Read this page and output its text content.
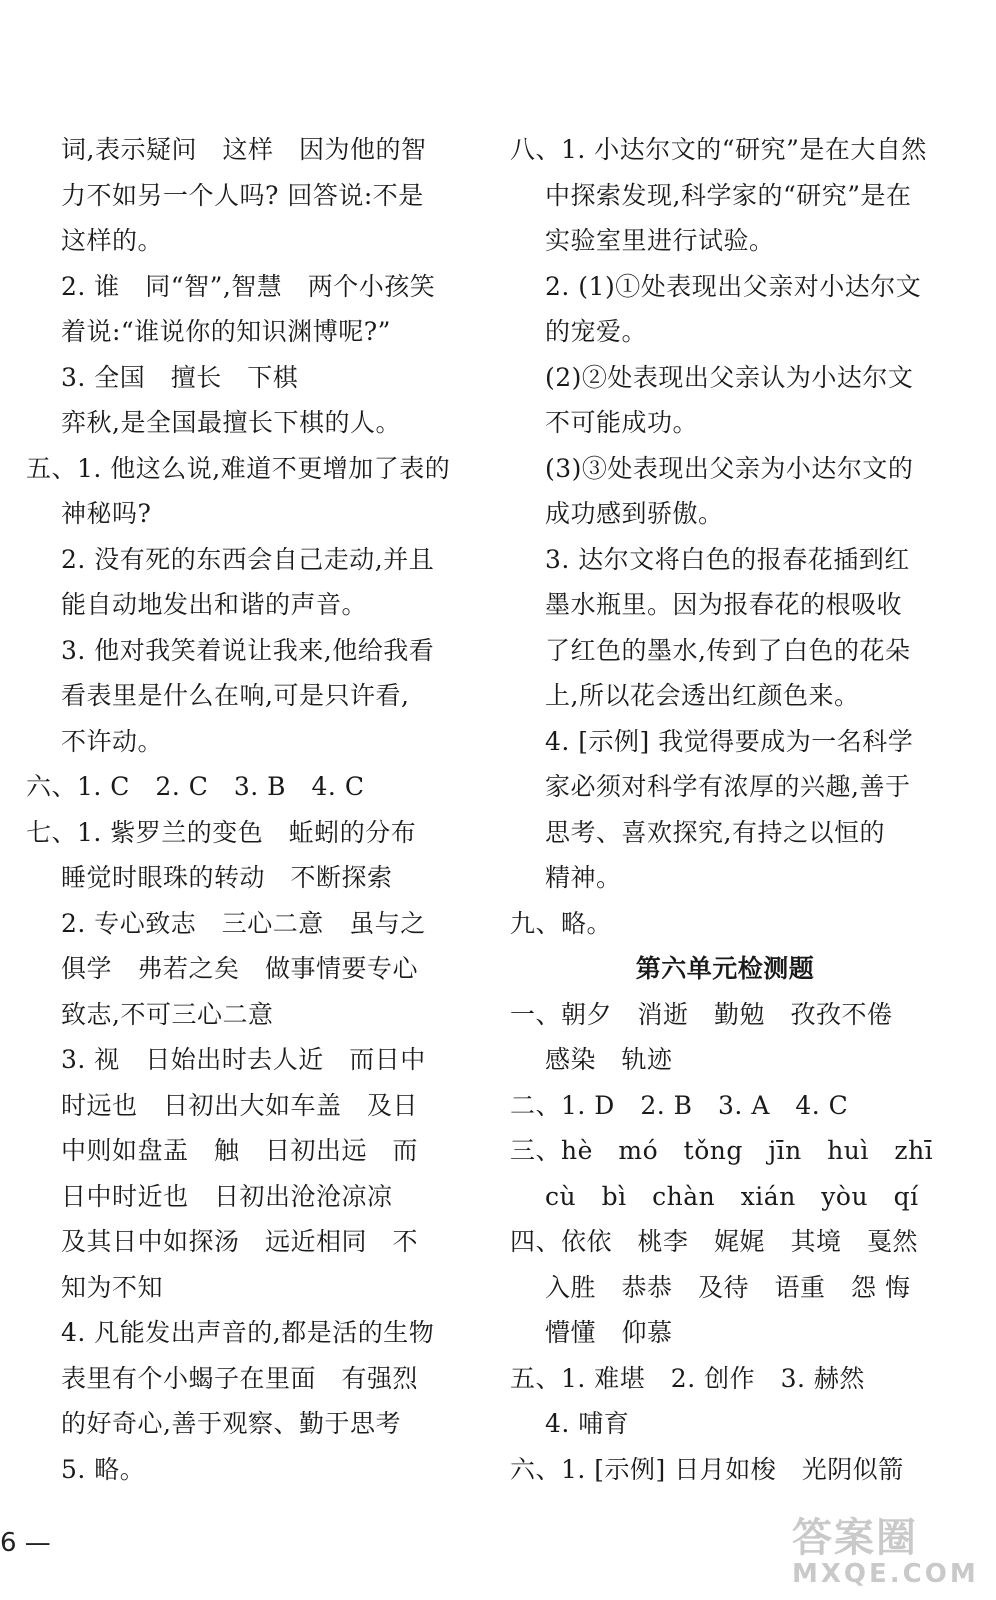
词,表示疑问　这样　因为他的智
力不如另一个人吗? 回答说:不是
这样的。
2. 谁　同“智”,智慧　两个小孩笑
着说:“谁说你的知识渊博呢?”
3. 全国　擅长　下棋
弈秋,是全国最擅长下棋的人。
五、1. 他这么说,难道不更增加了表的
神秘吗?
2. 没有死的东西会自己走动,并且
能自动地发出和谐的声音。
3. 他对我笑着说让我来,他给我看
看表里是什么在响,可是只许看,
不许动。
六、1. C　2. C　3. B　4. C
七、1. 紫罗兰的变色　蚯蚓的分布
睡觉时眼珠的转动　不断探索
2. 专心致志　三心二意　虽与之
俱学　弗若之矣　做事情要专心
致志,不可三心二意
3. 视　日始出时去人近　而日中
时远也　日初出大如车盖　及日
中则如盘盂　触　日初出远　而
日中时近也　日初出沧沧凉凉
及其日中如探汤　远近相同　不
知为不知
4. 凡能发出声音的,都是活的生物
表里有个小蝎子在里面　有强烈
的好奇心,善于观察、勤于思考
5. 略。
八、1. 小达尔文的“研究”是在大自然
中探索发现,科学家的“研究”是在
实验室里进行试验。
2. (1)①处表现出父亲对小达尔文
的宠爱。
(2)②处表现出父亲认为小达尔文
不可能成功。
(3)③处表现出父亲为小达尔文的
成功感到骄傲。
3. 达尔文将白色的报春花插到红
墨水瓶里。因为报春花的根吸收
了红色的墨水,传到了白色的花朵
上,所以花会透出红颜色来。
4. [示例] 我觉得要成为一名科学
家必须对科学有浓厚的兴趣,善于
思考、喜欢探究,有持之以恒的
精神。
九、略。
第六单元检测题
一、朝夕　消逝　勤勉　孜孜不倦
感染　轨迹
二、1. D　2. B　3. A　4. C
三、hè　mó　tǒng　jīn　huì　zhī
cù　bì　chàn　xián　yòu　qí
四、依依　桃李　娓娓　其境　戛然
入胜　恭恭　及待　语重　怨 悔
懵懂　仰慕
五、1. 难堪　2. 创作　3. 赫然
4. 哺育
六、1. [示例] 日月如梭　光阴似箭
6 —	答案圈
MXQE.COM
